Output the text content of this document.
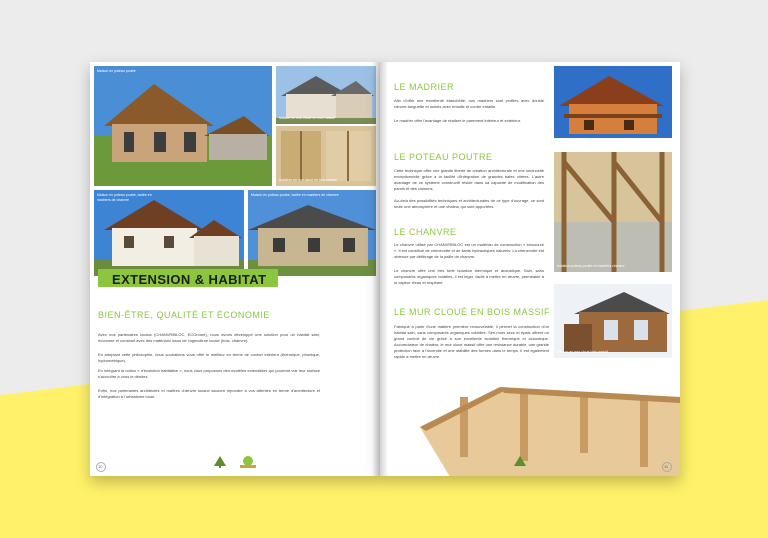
Maison en poteau poutre
Maison en mur cloué en bois massif
Isolation en mur cloué en bois massif
Maison en poteau poutre, isolée en madriers de chanvre
Maison en poteau poutre, isolée en madriers de chanvre
EXTENSION & HABITAT
BIEN-ÊTRE, QUALITÉ ET ÉCONOMIE
Avec nos partenaires locaux (CHANVRIBLOC, ECOmuré), nous avons développé une solution pour un habitat sain, économe et construit avec des matériaux issus de l'agriculture locale (bois, chanvre).
En adoptant cette philosophie, nous souhaitons vous offrir le meilleur en terme de confort intérieur (thermique, phonique, hydrométrique).
En intégrant la notion « d'évolution habitative », nous vous proposons des modèles extensibles qui pourront voir leur surface s'accroître à vous le désirez.
Enfin, nos partenaires architectes et maîtres d'œuvre locaux sauront répondre à vos attentes en terme d'architecture et d'intégration à l'urbanisme local.
10
LE MADRIER
Afin d'offrir une excellente étanchéité, nos madriers sont profilés avec double rainure-languette et usinés avec entaille et contre entaille.
Le madrier offre l'avantage de réaliser le parement intérieur et extérieur.
LE POTEAU POUTRE
Cette technique offre une grande liberté de création architecturale et une luminosité exceptionnelle grâce à la facilité d'intégration de grandes baies vitrées. L'autre avantage de ce système constructif réside dans sa capacité de modification des parois et des cloisons.
Au-delà des possibilités techniques et architecturales de ce type d'ouvrage, ce sont toute une atmosphère et une chaleur qui sont apportées.
Isolation poteau poutre et madriers chanvre
LE CHANVRE
Le chanvre utilisé par CHANVRIBLOC est un matériau de construction « biosourcé ». Il est constitué de chènevotte et de liants hydrauliques naturels. La chènevotte est obtenue par défibrage de la paille de chanvre.
Le chanvre offre une très forte isolation thermique et acoustique. Sain, sans composants organiques volatiles, il est léger, facile à mettre en œuvre, perméable à la vapeur d'eau et respirant.
Maison en mur cloué bois massif
LE MUR CLOUÉ EN BOIS MASSIF
Fabriqué à partir d'une matière première renouvelable, il permet la construction d'un habitat sain, sans composants organiques volatiles. Ses murs secs et épais offrent un grand confort de vie grâce à son excellente isolation thermique et acoustique. Accumulateur de chaleur, le mur cloué massif offre une résistance durable, une grande protection face à l'incendie et une stabilité des formes dans le temps. Il est également rapide à mettre en œuvre.
11
